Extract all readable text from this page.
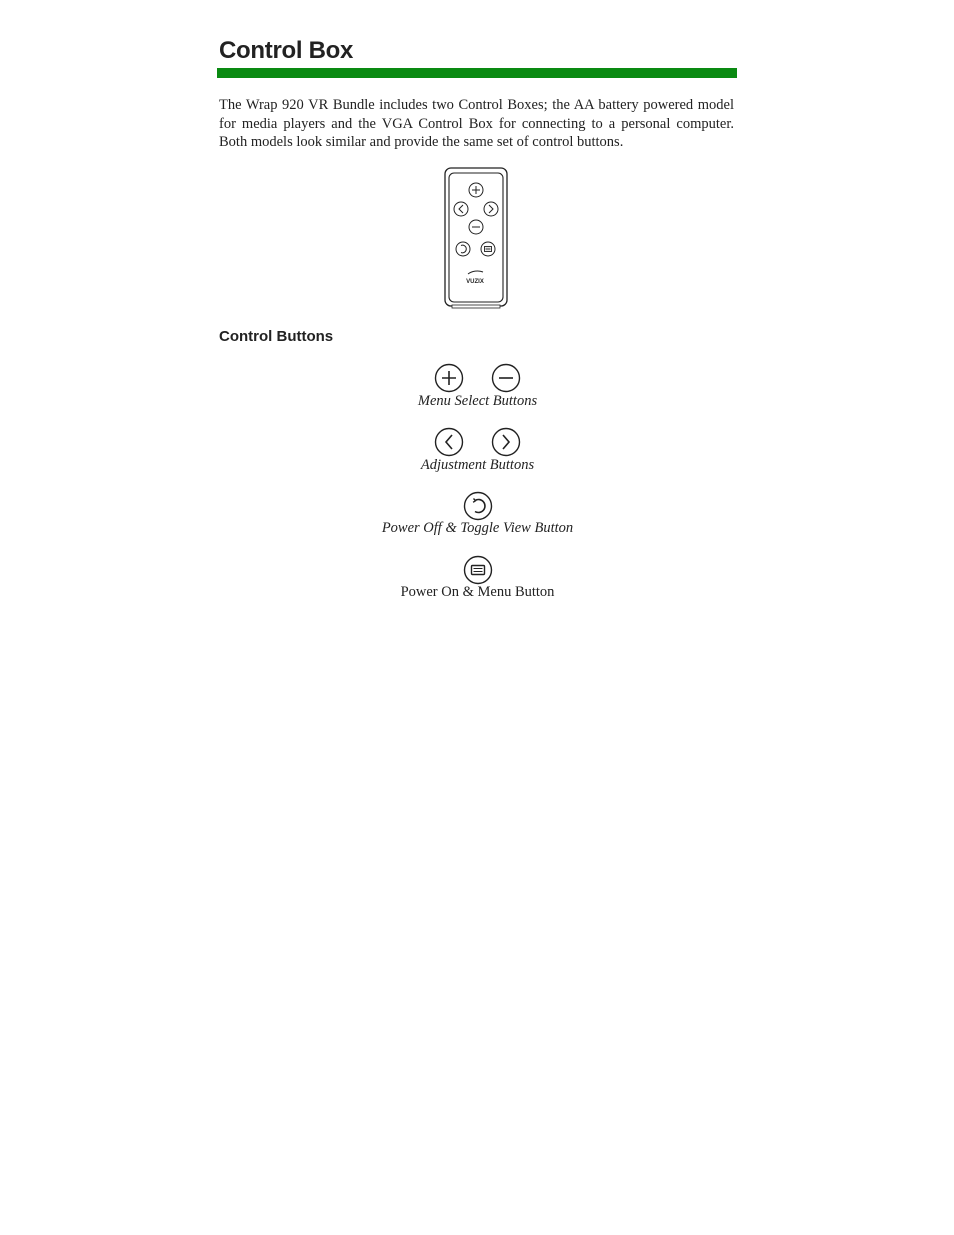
Control Box

The Wrap 920 VR Bundle includes two Control Boxes; the AA battery powered model for media players and the VGA Control Box for connecting to a personal computer. Both models look similar and provide the same set of control buttons.

VUZIX
Control Buttons

Menu Select Buttons

Adjustment Buttons

Power Off & Toggle View Button

Power On & Menu Button
